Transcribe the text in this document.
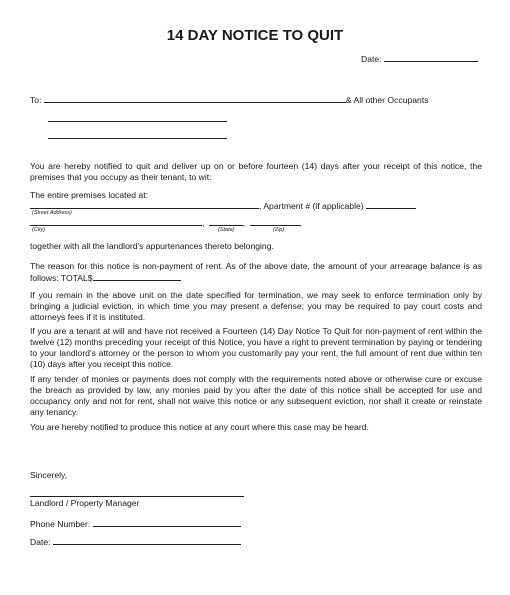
14 DAY NOTICE TO QUIT
Date:
To:	& All other Occupants
You are hereby notified to quit and deliver up on or before fourteen (14) days after your receipt of this notice, the premises that you occupy as their tenant, to wit:
The entire premises located at:
, Apartment # (if applicable)
(Street Address)
,	,	,
(City)	(State)	(Zip)
together with all the landlord's appurtenances thereto belonging.
The reason for this notice is non-payment of rent. As of the above date, the amount of your arrearage balance is as follows: TOTAL$
If you remain in the above unit on the date specified for termination, we may seek to enforce termination only by bringing a judicial eviction, in which time you may present a defense; you may be required to pay court costs and attorneys fees if it is instituted.
If you are a tenant at will and have not received a Fourteen (14) Day Notice To Quit for non-payment of rent within the twelve (12) months preceding your receipt of this Notice, you have a right to prevent termination by paying or tendering to your landlord's attorney or the person to whom you customarily pay your rent, the full amount of rent due within ten (10) days after you receipt this notice.
If any tender of monies or payments does not comply with the requirements noted above or otherwise cure or excuse the breach as provided by law, any monies paid by you after the date of this notice shall be accepted for use and occupancy only and not for rent, shall not waive this notice or any subsequent eviction, nor shall it create or reinstate any tenancy.
You are hereby notified to produce this notice at any court where this case may be heard.
Sincerely,
Landlord / Property Manager
Phone Number:
Date:
